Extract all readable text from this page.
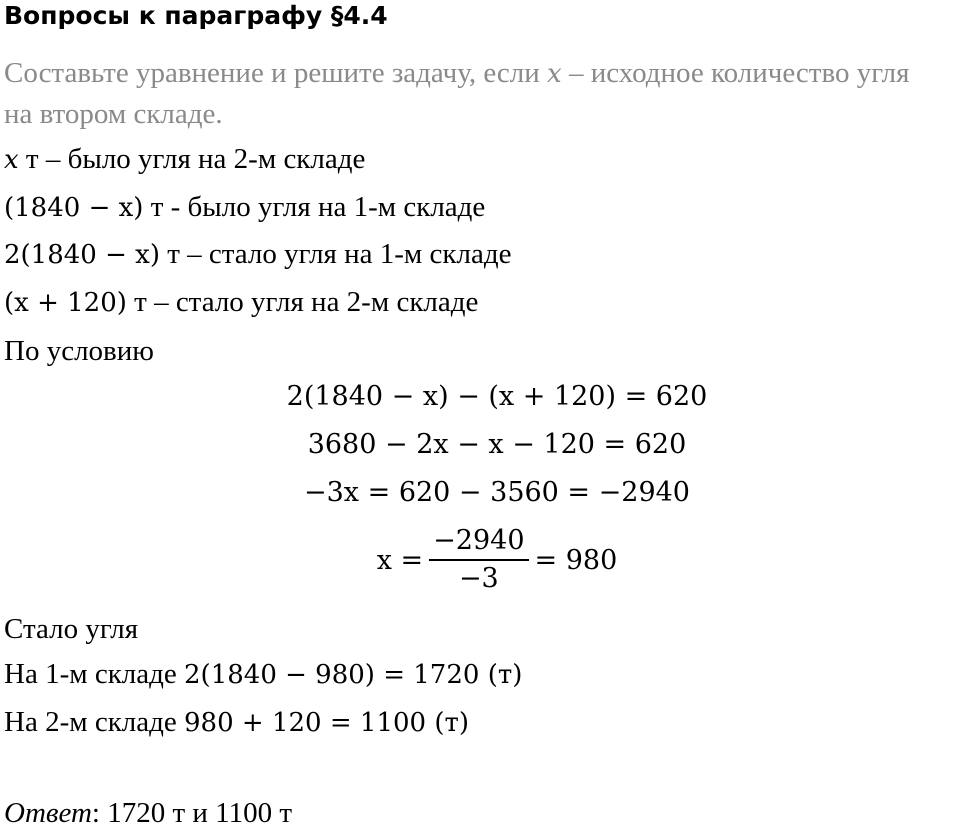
Вопросы к параграфу §4.4
Составьте уравнение и решите задачу, если x – исходное количество угля
на втором складе.
x т – было угля на 2-м складе
(1840 − x) т - было угля на 1-м складе
2(1840 − x) т – стало угля на 1-м складе
(x + 120) т – стало угля на 2-м складе
По условию
2(1840 − x) − (x + 120) = 620
3680 − 2x − x − 120 = 620
−3x = 620 − 3560 = −2940
$x = \frac{-2940}{-3} = 980$
Стало угля
На 1-м складе 2(1840 − 980) = 1720 (т)
На 2-м складе 980 + 120 = 1100 (т)
Ответ: 1720 т и 1100 т
